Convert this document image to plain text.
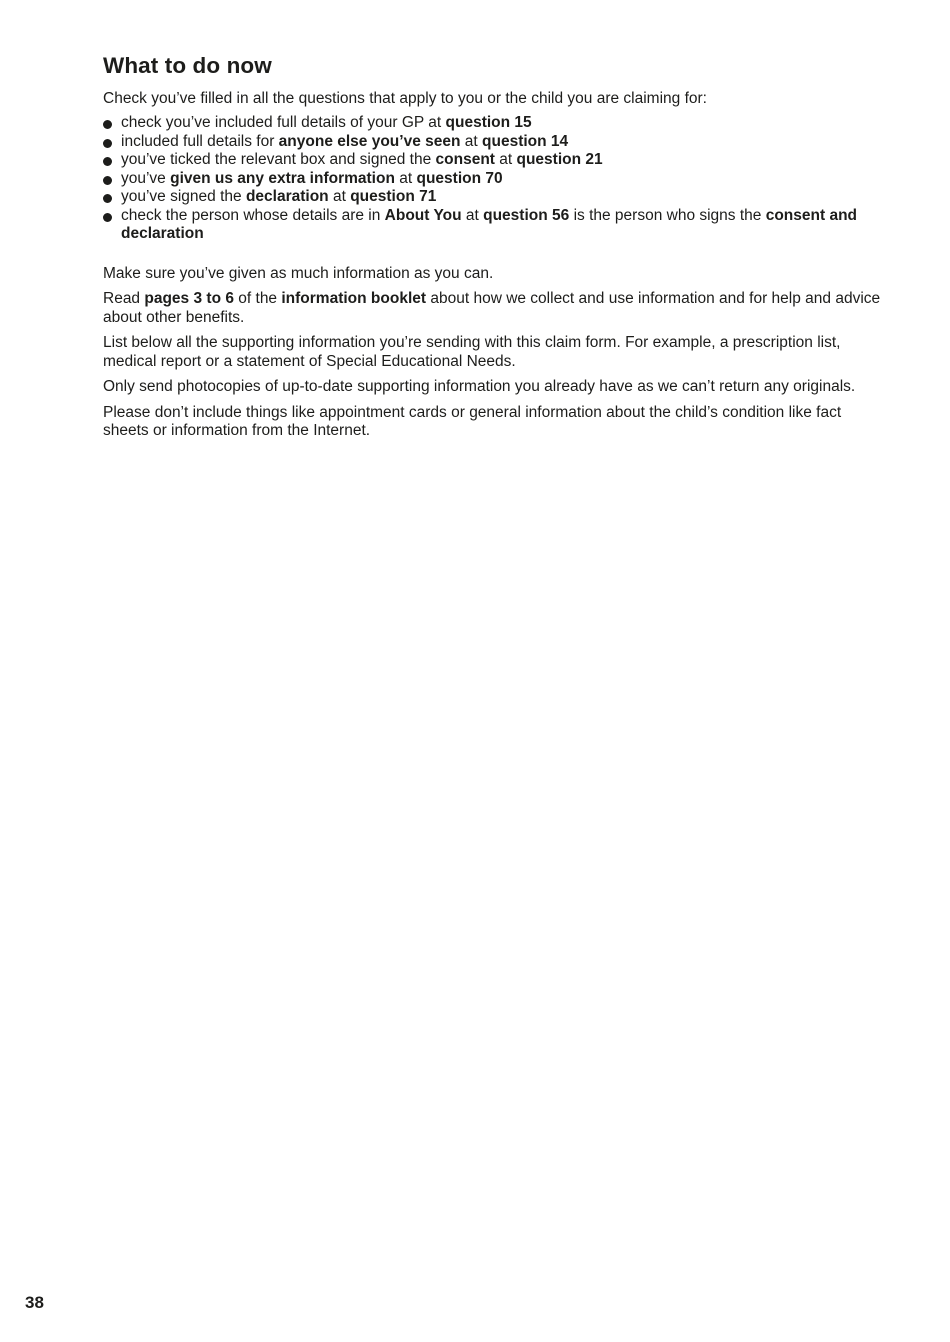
What to do now

Check you’ve filled in all the questions that apply to you or the child you are claiming for:

check you’ve included full details of your GP at question 15
included full details for anyone else you’ve seen at question 14
you’ve ticked the relevant box and signed the consent at question 21
you’ve given us any extra information at question 70
you’ve signed the declaration at question 71
check the person whose details are in About You at question 56 is the person who signs the consent and declaration

Make sure you’ve given as much information as you can.

Read pages 3 to 6 of the information booklet about how we collect and use information and for help and advice about other benefits.

List below all the supporting information you’re sending with this claim form. For example, a prescription list, medical report or a statement of Special Educational Needs.

Only send photocopies of up-to-date supporting information you already have as we can’t return any originals.

Please don’t include things like appointment cards or general information about the child’s condition like fact sheets or information from the Internet.

38
